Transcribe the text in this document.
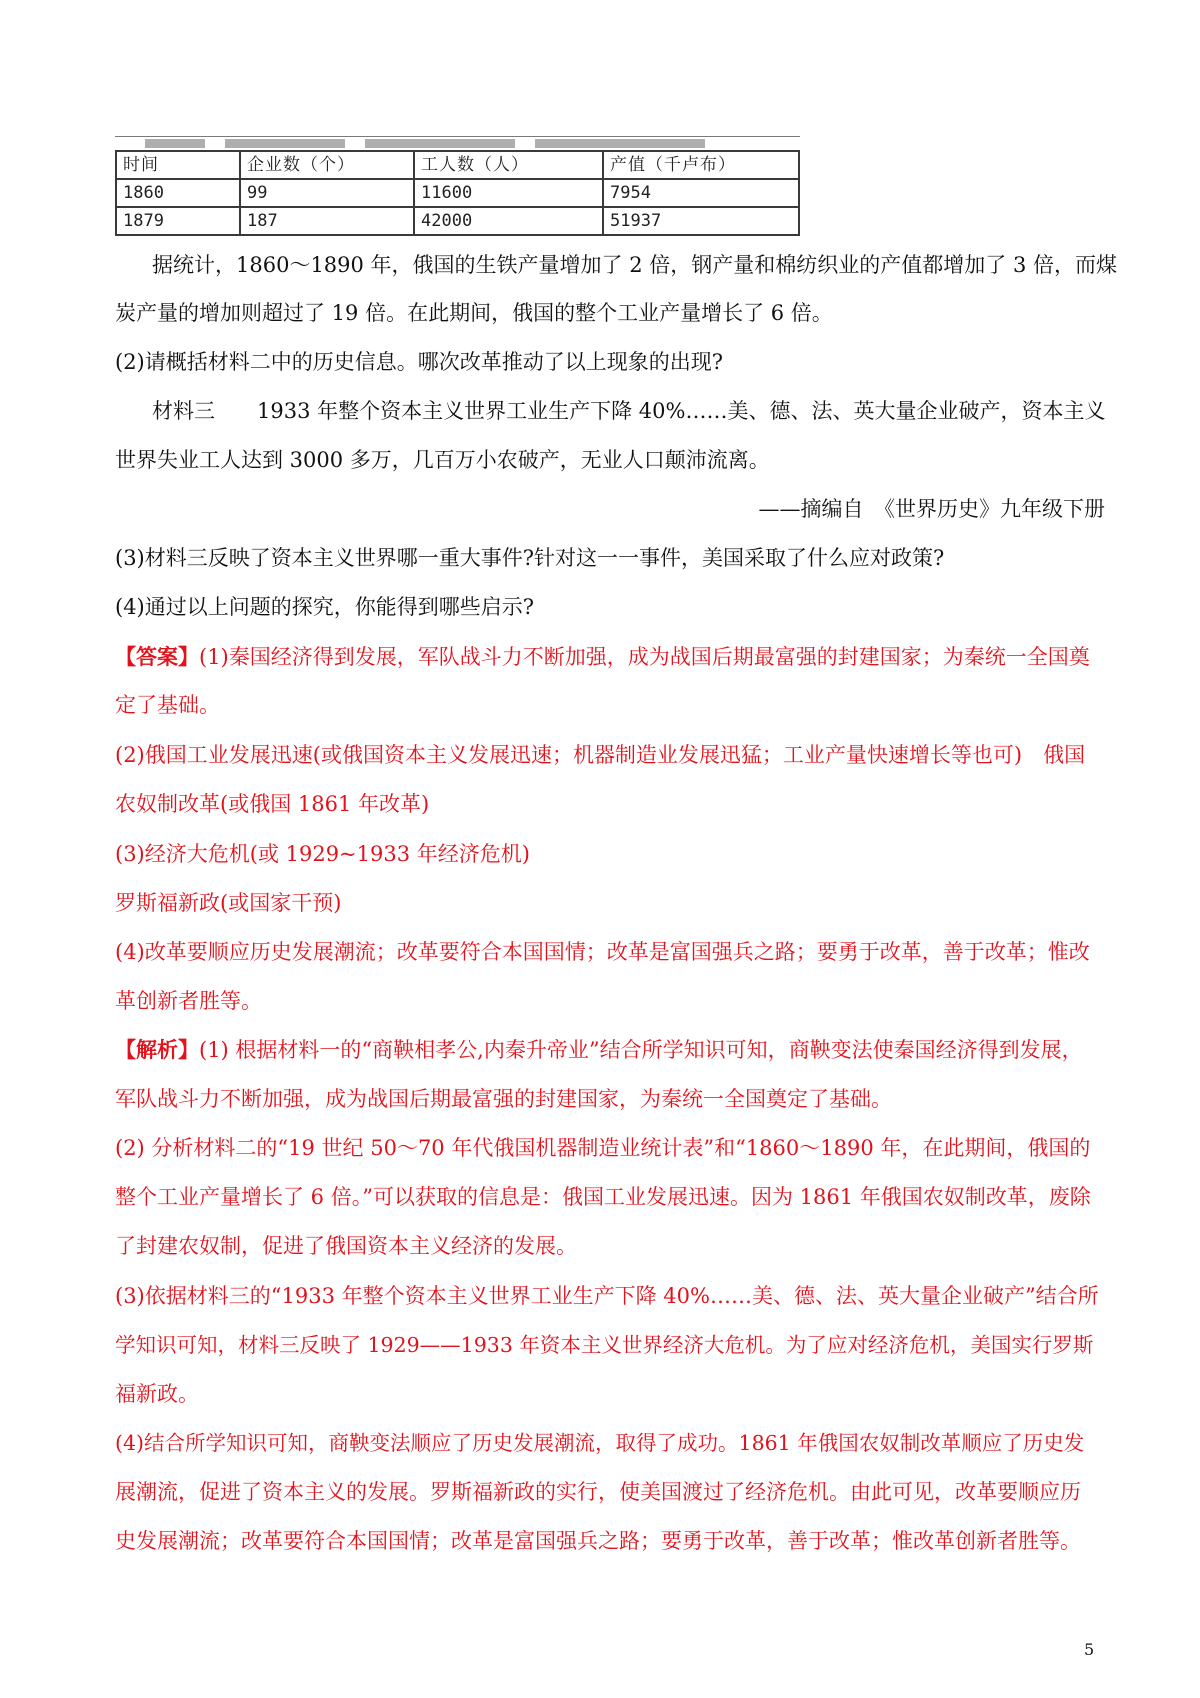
时间	企业数（个）	工人数（人）	产值（千卢布）
1860	99	11600	7954
1879	187	42000	51937
据统计，1860～1890 年，俄国的生铁产量增加了 2 倍，钢产量和棉纺织业的产值都增加了 3 倍，而煤
炭产量的增加则超过了 19 倍。在此期间，俄国的整个工业产量增长了 6 倍。
(2)请概括材料二中的历史信息。哪次改革推动了以上现象的出现?
材料三　　1933 年整个资本主义世界工业生产下降 40%……美、德、法、英大量企业破产，资本主义
世界失业工人达到 3000 多万，几百万小农破产，无业人口颠沛流离。
——摘编自　《世界历史》九年级下册
(3)材料三反映了资本主义世界哪一重大事件?针对这一一事件，美国采取了什么应对政策?
(4)通过以上问题的探究，你能得到哪些启示?
【答案】(1)秦国经济得到发展，军队战斗力不断加强，成为战国后期最富强的封建国家；为秦统一全国奠
定了基础。
(2)俄国工业发展迅速(或俄国资本主义发展迅速；机器制造业发展迅猛；工业产量快速增长等也可)　俄国
农奴制改革(或俄国 1861 年改革)
(3)经济大危机(或 1929~1933 年经济危机)
罗斯福新政(或国家干预)
(4)改革要顺应历史发展潮流；改革要符合本国国情；改革是富国强兵之路；要勇于改革，善于改革；惟改
革创新者胜等。
【解析】(1) 根据材料一的“商鞅相孝公,内秦升帝业”结合所学知识可知，商鞅变法使秦国经济得到发展，
军队战斗力不断加强，成为战国后期最富强的封建国家，为秦统一全国奠定了基础。
(2) 分析材料二的“19 世纪 50～70 年代俄国机器制造业统计表”和“1860～1890 年，在此期间，俄国的
整个工业产量增长了 6 倍。”可以获取的信息是：俄国工业发展迅速。因为 1861 年俄国农奴制改革，废除
了封建农奴制，促进了俄国资本主义经济的发展。
(3)依据材料三的“1933 年整个资本主义世界工业生产下降 40%……美、德、法、英大量企业破产”结合所
学知识可知，材料三反映了 1929——1933 年资本主义世界经济大危机。为了应对经济危机，美国实行罗斯
福新政。
(4)结合所学知识可知，商鞅变法顺应了历史发展潮流，取得了成功。1861 年俄国农奴制改革顺应了历史发
展潮流，促进了资本主义的发展。罗斯福新政的实行，使美国渡过了经济危机。由此可见，改革要顺应历
史发展潮流；改革要符合本国国情；改革是富国强兵之路；要勇于改革，善于改革；惟改革创新者胜等。
5
